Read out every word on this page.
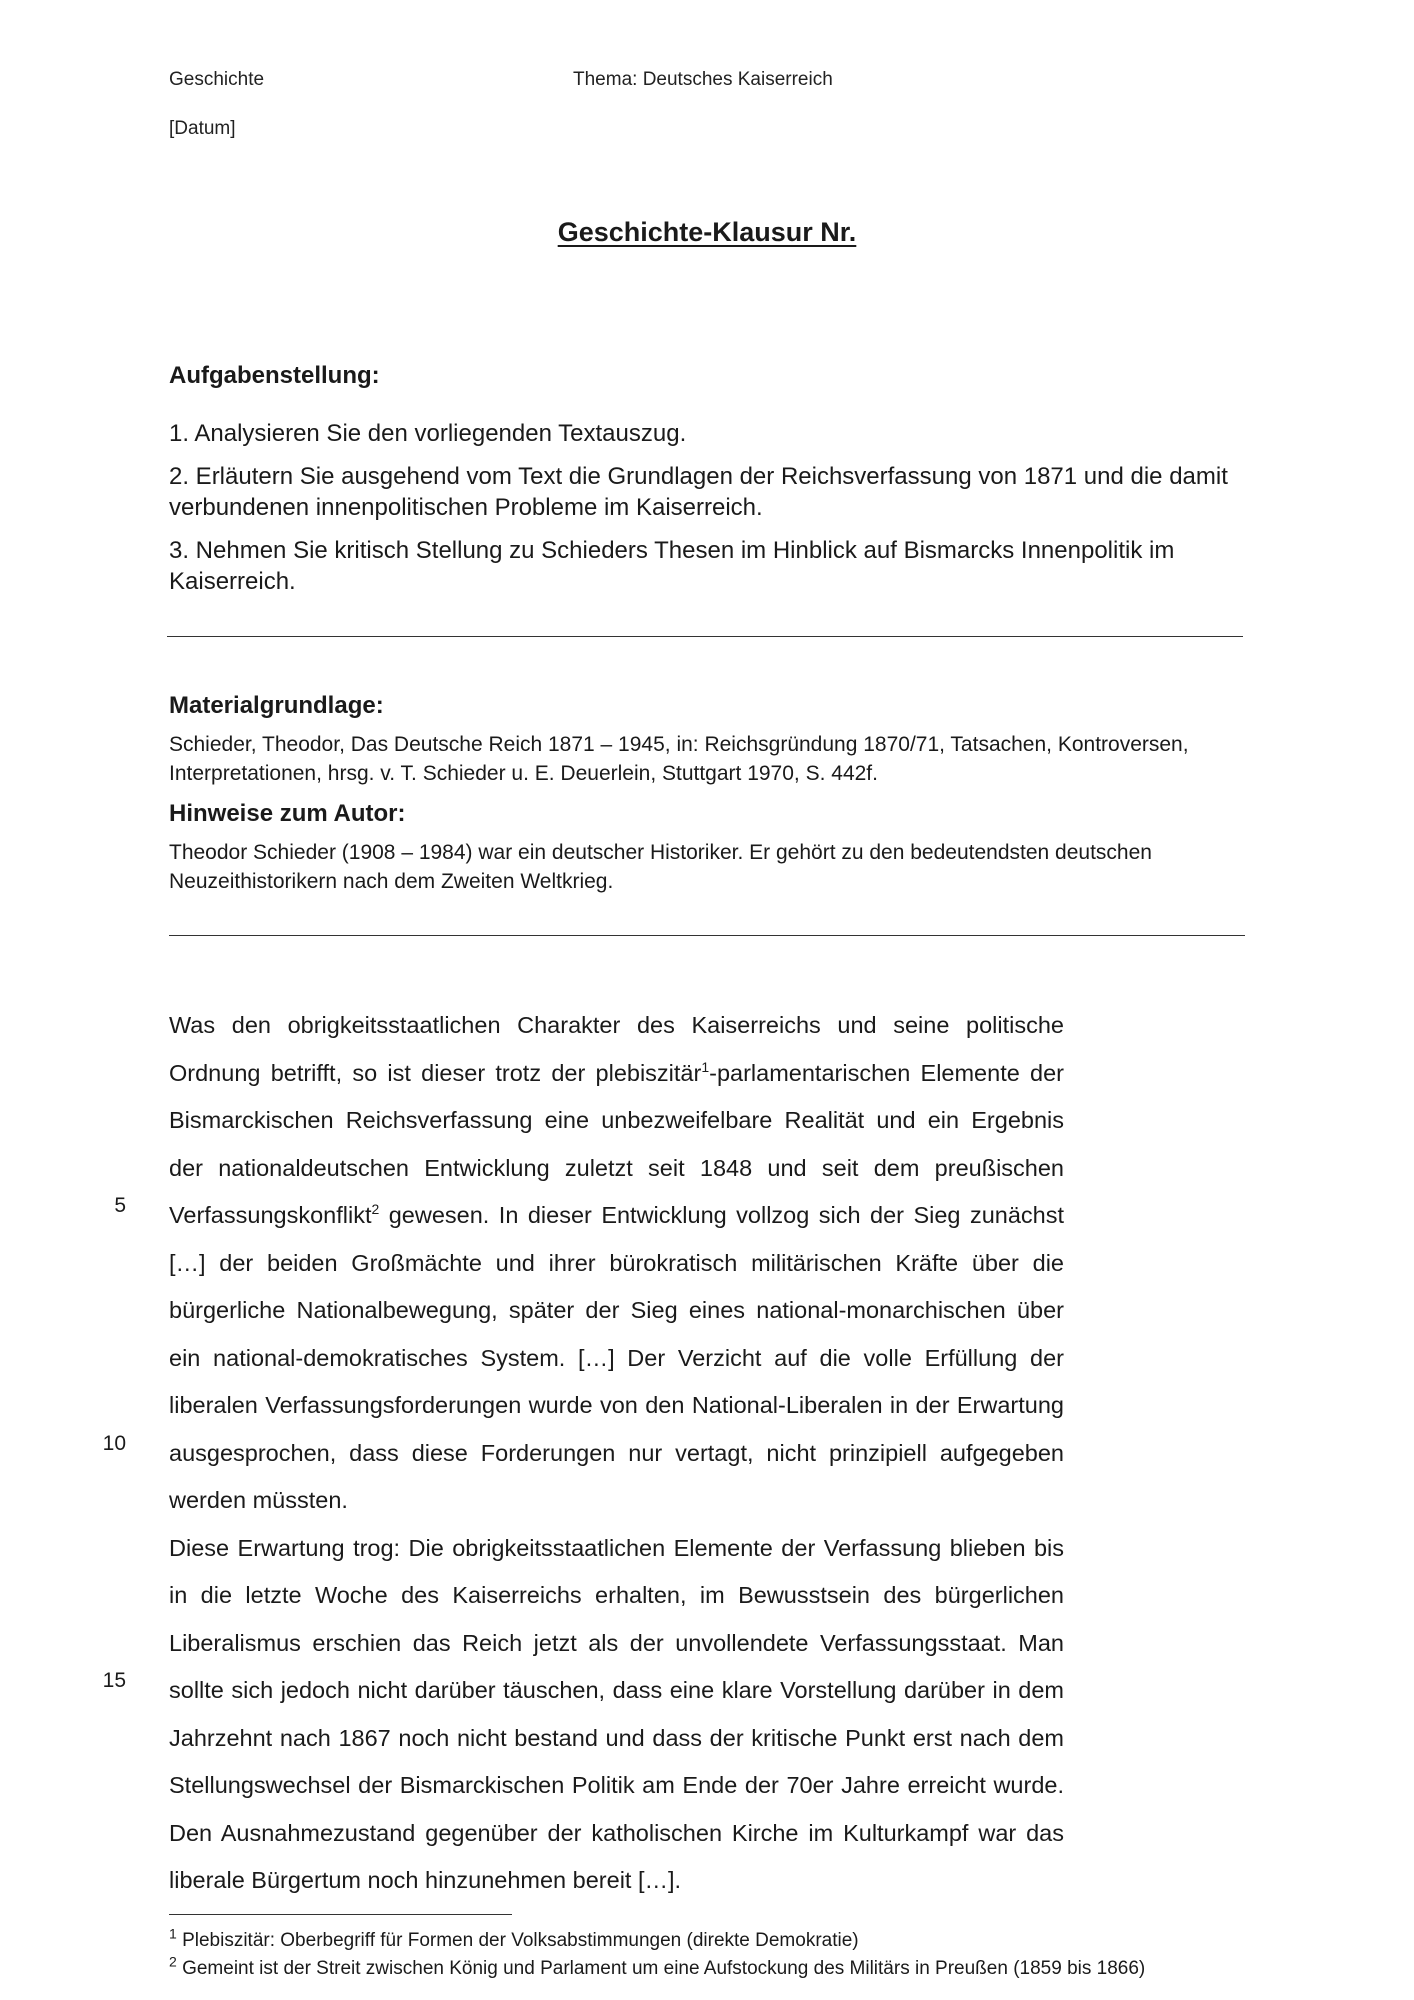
Geschichte	Thema: Deutsches Kaiserreich
[Datum]
Geschichte-Klausur Nr.
Aufgabenstellung:
1. Analysieren Sie den vorliegenden Textauszug.
2. Erläutern Sie ausgehend vom Text die Grundlagen der Reichsverfassung von 1871 und die damit verbundenen innenpolitischen Probleme im Kaiserreich.
3. Nehmen Sie kritisch Stellung zu Schieders Thesen im Hinblick auf Bismarcks Innenpolitik im Kaiserreich.
Materialgrundlage:
Schieder, Theodor, Das Deutsche Reich 1871 – 1945, in: Reichsgründung 1870/71, Tatsachen, Kontroversen, Interpretationen, hrsg. v. T. Schieder u. E. Deuerlein, Stuttgart 1970, S. 442f.
Hinweise zum Autor:
Theodor Schieder (1908 – 1984) war ein deutscher Historiker. Er gehört zu den bedeutendsten deutschen Neuzeithistorikern nach dem Zweiten Weltkrieg.

Was den obrigkeitsstaatlichen Charakter des Kaiserreichs und seine politische Ordnung betrifft, so ist dieser trotz der plebiszitär$^1$-parlamentarischen Elemente der Bismarckischen Reichsverfassung eine unbezweifelbare Realität und ein Ergebnis der nationaldeutschen Entwicklung zuletzt seit 1848 und seit dem preußischen Verfassungskonflikt$^2$ gewesen. In dieser Entwicklung vollzog sich der Sieg zunächst […] der beiden Großmächte und ihrer bürokratisch militärischen Kräfte über die bürgerliche Nationalbewegung, später der Sieg eines national-monarchischen über ein national-demokratisches System. […] Der Verzicht auf die volle Erfüllung der liberalen Verfassungsforderungen wurde von den National-Liberalen in der Erwartung ausgesprochen, dass diese Forderungen nur vertagt, nicht prinzipiell aufgegeben werden müssten.

Diese Erwartung trog: Die obrigkeitsstaatlichen Elemente der Verfassung blieben bis in die letzte Woche des Kaiserreichs erhalten, im Bewusstsein des bürgerlichen Liberalismus erschien das Reich jetzt als der unvollendete Verfassungsstaat. Man sollte sich jedoch nicht darüber täuschen, dass eine klare Vorstellung darüber in dem Jahrzehnt nach 1867 noch nicht bestand und dass der kritische Punkt erst nach dem Stellungswechsel der Bismarckischen Politik am Ende der 70er Jahre erreicht wurde. Den Ausnahmezustand gegenüber der katholischen Kirche im Kulturkampf war das liberale Bürgertum noch hinzunehmen bereit […].

5
10
15
$^1$ Plebiszitär: Oberbegriff für Formen der Volksabstimmungen (direkte Demokratie)
$^2$ Gemeint ist der Streit zwischen König und Parlament um eine Aufstockung des Militärs in Preußen (1859 bis 1866)
